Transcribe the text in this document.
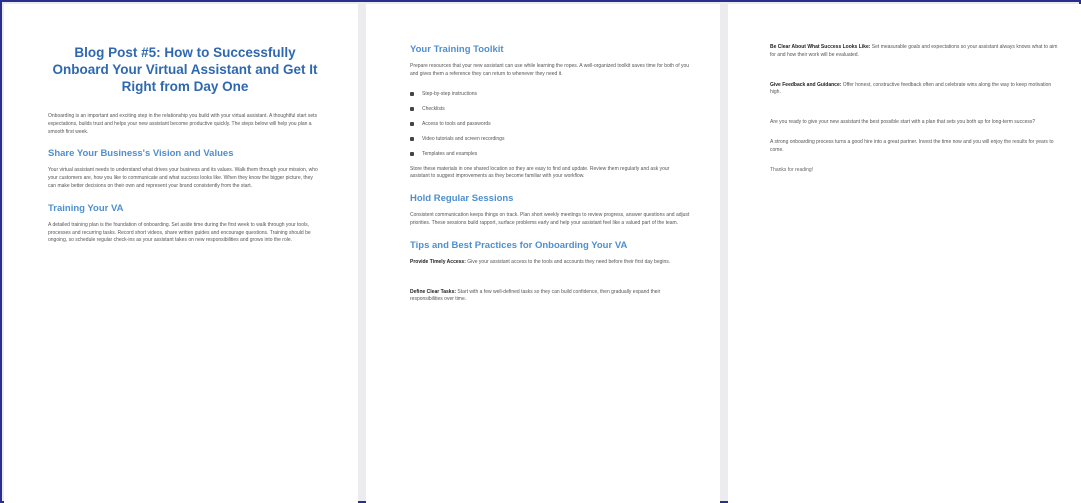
Blog Post #5: How to Successfully Onboard Your Virtual Assistant and Get It Right from Day One

Onboarding is an important and exciting step in the relationship you build with your virtual assistant. A thoughtful start sets expectations, builds trust and helps your new assistant become productive quickly. The steps below will help you plan a smooth first week.

Share Your Business's Vision and Values

Your virtual assistant needs to understand what drives your business and its values. Walk them through your mission, who your customers are, how you like to communicate and what success looks like. When they know the bigger picture, they can make better decisions on their own and represent your brand consistently from the start.

Training Your VA

A detailed training plan is the foundation of onboarding. Set aside time during the first week to walk through your tools, processes and recurring tasks. Record short videos, share written guides and encourage questions. Training should be ongoing, so schedule regular check-ins as your assistant takes on new responsibilities and grows into the role.

Your Training Toolkit

Prepare resources that your new assistant can use while learning the ropes. A well-organized toolkit saves time for both of you and gives them a reference they can return to whenever they need it.

Step-by-step instructions
Checklists
Access to tools and passwords
Video tutorials and screen recordings
Templates and examples

Store these materials in one shared location so they are easy to find and update. Review them regularly and ask your assistant to suggest improvements as they become familiar with your workflow.

Hold Regular Sessions

Consistent communication keeps things on track. Plan short weekly meetings to review progress, answer questions and adjust priorities. These sessions build rapport, surface problems early and help your assistant feel like a valued part of the team.

Tips and Best Practices for Onboarding Your VA

Provide Timely Access: Give your assistant access to the tools and accounts they need before their first day begins.

Define Clear Tasks: Start with a few well-defined tasks so they can build confidence, then gradually expand their responsibilities over time.

Be Clear About What Success Looks Like: Set measurable goals and expectations so your assistant always knows what to aim for and how their work will be evaluated.

Give Feedback and Guidance: Offer honest, constructive feedback often and celebrate wins along the way to keep motivation high.

Are you ready to give your new assistant the best possible start with a plan that sets you both up for long-term success?

A strong onboarding process turns a good hire into a great partner. Invest the time now and you will enjoy the results for years to come.

Thanks for reading!
